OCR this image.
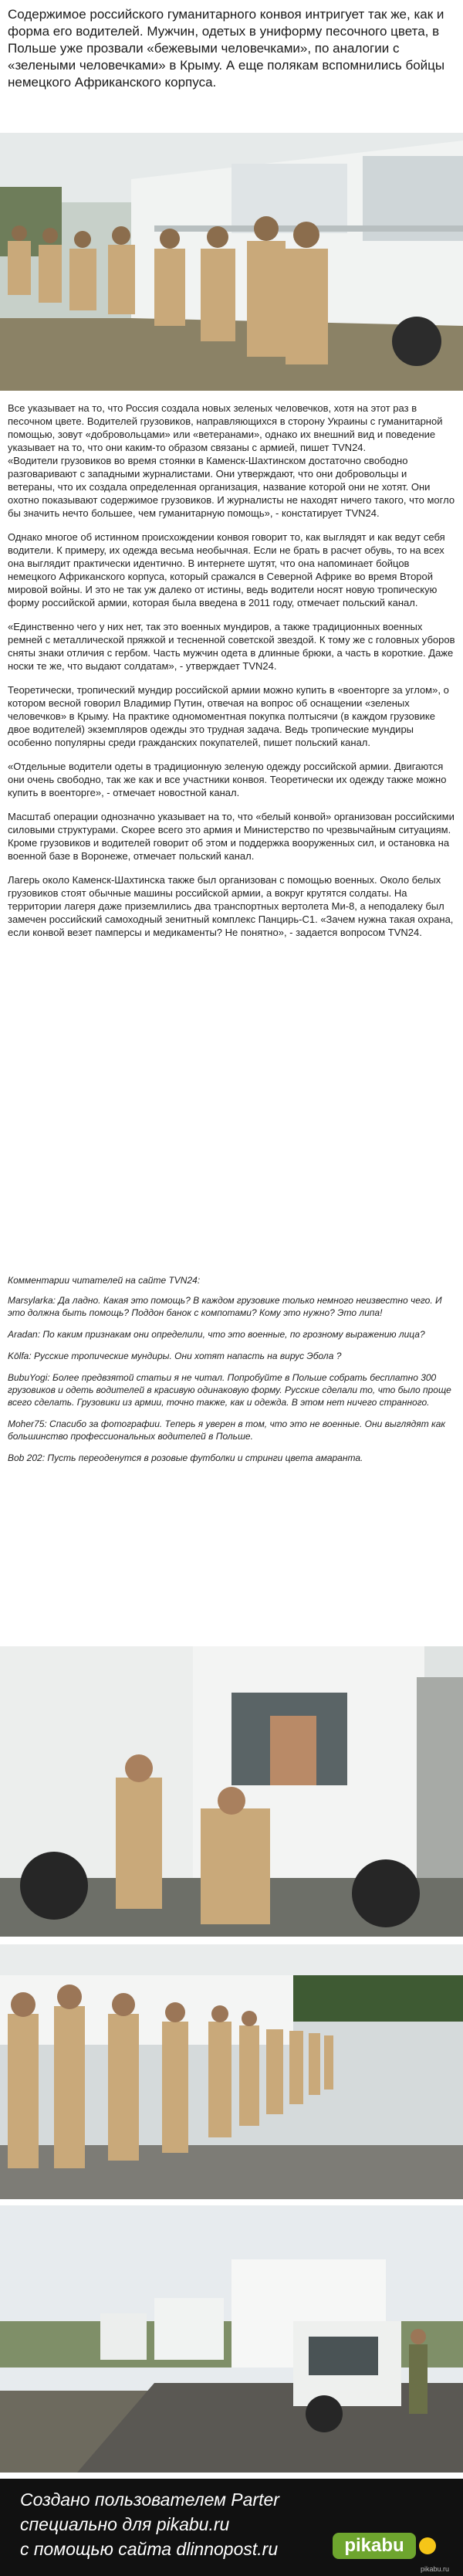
Содержимое российского гуманитарного конвоя интригует так же, как и форма его водителей. Мужчин, одетых в униформу песочного цвета, в Польше уже прозвали «бежевыми человечками», по аналогии с «зелеными человечками» в Крыму. А еще полякам вспомнились бойцы немецкого Африканского корпуса.

Все указывает на то, что Россия создала новых зеленых человечков, хотя на этот раз в песочном цвете. Водителей грузовиков, направляющихся в сторону Украины с гуманитарной помощью, зовут «добровольцами» или «ветеранами», однако их внешний вид и поведение указывает на то, что они каким-то образом связаны с армией, пишет TVN24.
«Водители грузовиков во время стоянки в Каменск-Шахтинском достаточно свободно разговаривают с западными журналистами. Они утверждают, что они добровольцы и ветераны, что их создала определенная организация, название которой они не хотят. Они охотно показывают содержимое грузовиков. И журналисты не находят ничего такого, что могло бы значить нечто большее, чем гуманитарную помощь», - констатирует TVN24.

Однако многое об истинном происхождении конвоя говорит то, как выглядят и как ведут себя водители. К примеру, их одежда весьма необычная. Если не брать в расчет обувь, то на всех она выглядит практически идентично. В интернете шутят, что она напоминает бойцов немецкого Африканского корпуса, который сражался в Северной Африке во время Второй мировой войны. И это не так уж далеко от истины, ведь водители носят новую тропическую форму российской армии, которая была введена в 2011 году, отмечает польский канал.

«Единственно чего у них нет, так это военных мундиров, а также традиционных военных ремней с металлической пряжкой и тесненной советской звездой. К тому же с головных уборов сняты знаки отличия с гербом. Часть мужчин одета в длинные брюки, а часть в короткие. Даже носки те же, что выдают солдатам», - утверждает TVN24.

Теоретически, тропический мундир российской армии можно купить в «военторге за углом», о котором весной говорил Владимир Путин, отвечая на вопрос об оснащении «зеленых человечков» в Крыму. На практике одномоментная покупка полтысячи (в каждом грузовике двое водителей) экземпляров одежды это трудная задача. Ведь тропические мундиры особенно популярны среди гражданских покупателей, пишет польский канал.

«Отдельные водители одеты в традиционную зеленую одежду российской армии. Двигаются они очень свободно, так же как и все участники конвоя. Теоретически их одежду также можно купить в военторге», - отмечает новостной канал.

Масштаб операции однозначно указывает на то, что «белый конвой» организован российскими силовыми структурами. Скорее всего это армия и Министерство по чрезвычайным ситуациям. Кроме грузовиков и водителей говорит об этом и поддержка вооруженных сил, и остановка на военной базе в Воронеже, отмечает польский канал.

Лагерь около Каменск-Шахтинска также был организован с помощью военных. Около белых грузовиков стоят обычные машины российской армии, а вокруг крутятся солдаты. На территории лагеря даже приземлились два транспортных вертолета Ми-8, а неподалеку был замечен российский самоходный зенитный комплекс Панцирь-С1. «Зачем нужна такая охрана, если конвой везет памперсы и медикаменты? Не понятно», - задается вопросом TVN24.

Комментарии читателей на сайте TVN24:
Marsylarka: Да ладно. Какая это помощь? В каждом грузовике только немного неизвестно чего. И это должна быть помощь? Поддон банок с компотами? Кому это нужно? Это липа!
Aradan: По каким признакам они определили, что это военные, по грозному выражению лица?
Kōlfa: Русские тропические мундиры. Они хотят напасть на вирус Эбола ?
BubuYogi: Более предвзятой статьи я не читал. Попробуйте в Польше собрать бесплатно 300 грузовиков и одеть водителей в красивую одинаковую форму. Русские сделали то, что было проще всего сделать. Грузовики из армии, точно также, как и одежда. В этом нет ничего странного.
Moher75: Спасибо за фотографии. Теперь я уверен в том, что это не военные. Они выглядят как большинство профессиональных водителей в Польше.
Bob 202: Пусть переоденутся в розовые футболки и стринги цвета амаранта.
Создано пользователем Parter
специально для pikabu.ru
с помощью сайта dlinnopost.ru	pikabu
pikabu.ru
